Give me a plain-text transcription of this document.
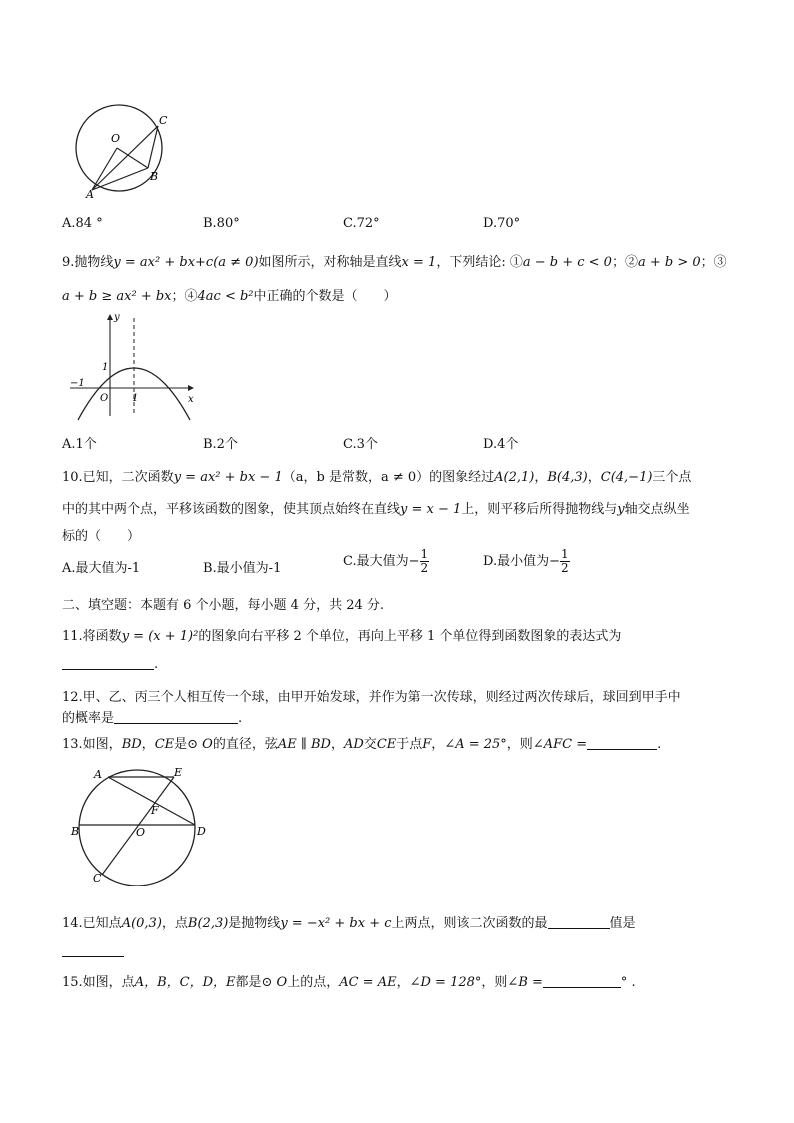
O
C
A
B
A.84 °	B.80°	C.72°	D.70°
9.抛物线y = ax² + bx+c(a ≠ 0)如图所示，对称轴是直线x = 1，下列结论: ①a − b + c < 0；②a + b > 0；③
a + b ≥ ax² + bx；④4ac < b²中正确的个数是（　　）
y
x
O
1
−1
1
A.1个	B.2个	C.3个	D.4个
10.已知，二次函数y = ax² + bx − 1（a，b 是常数，a ≠ 0）的图象经过A(2,1)，B(4,3)，C(4,−1)三个点
中的其中两个点，平移该函数的图象，使其顶点始终在直线y = x − 1上，则平移后所得抛物线与y轴交点纵坐
标的（　　）
A.最大值为-1	B.最小值为-1	C.最大值为− $\frac{1}{2}$	D.最小值为− $\frac{1}{2}$
二、填空题：本题有 6 个小题，每小题 4 分，共 24 分.
11.将函数y = (x + 1)²的图象向右平移 2 个单位，再向上平移 1 个单位得到函数图象的表达式为
.
12.甲、乙、丙三个人相互传一个球，由甲开始发球，并作为第一次传球，则经过两次传球后，球回到甲手中
的概率是	.
13.如图，BD，CE是⊙ O的直径，弦AE ∥ BD，AD交CE于点F，∠A = 25°，则∠AFC =	.
A	E
F
B	O	D
C
14.已知点A(0,3)，点B(2,3)是抛物线y = −x² + bx + c上两点，则该二次函数的最	值是
15.如图，点A，B，C，D，E都是⊙ O上的点，AC = AE，∠D = 128°，则∠B =	° .
